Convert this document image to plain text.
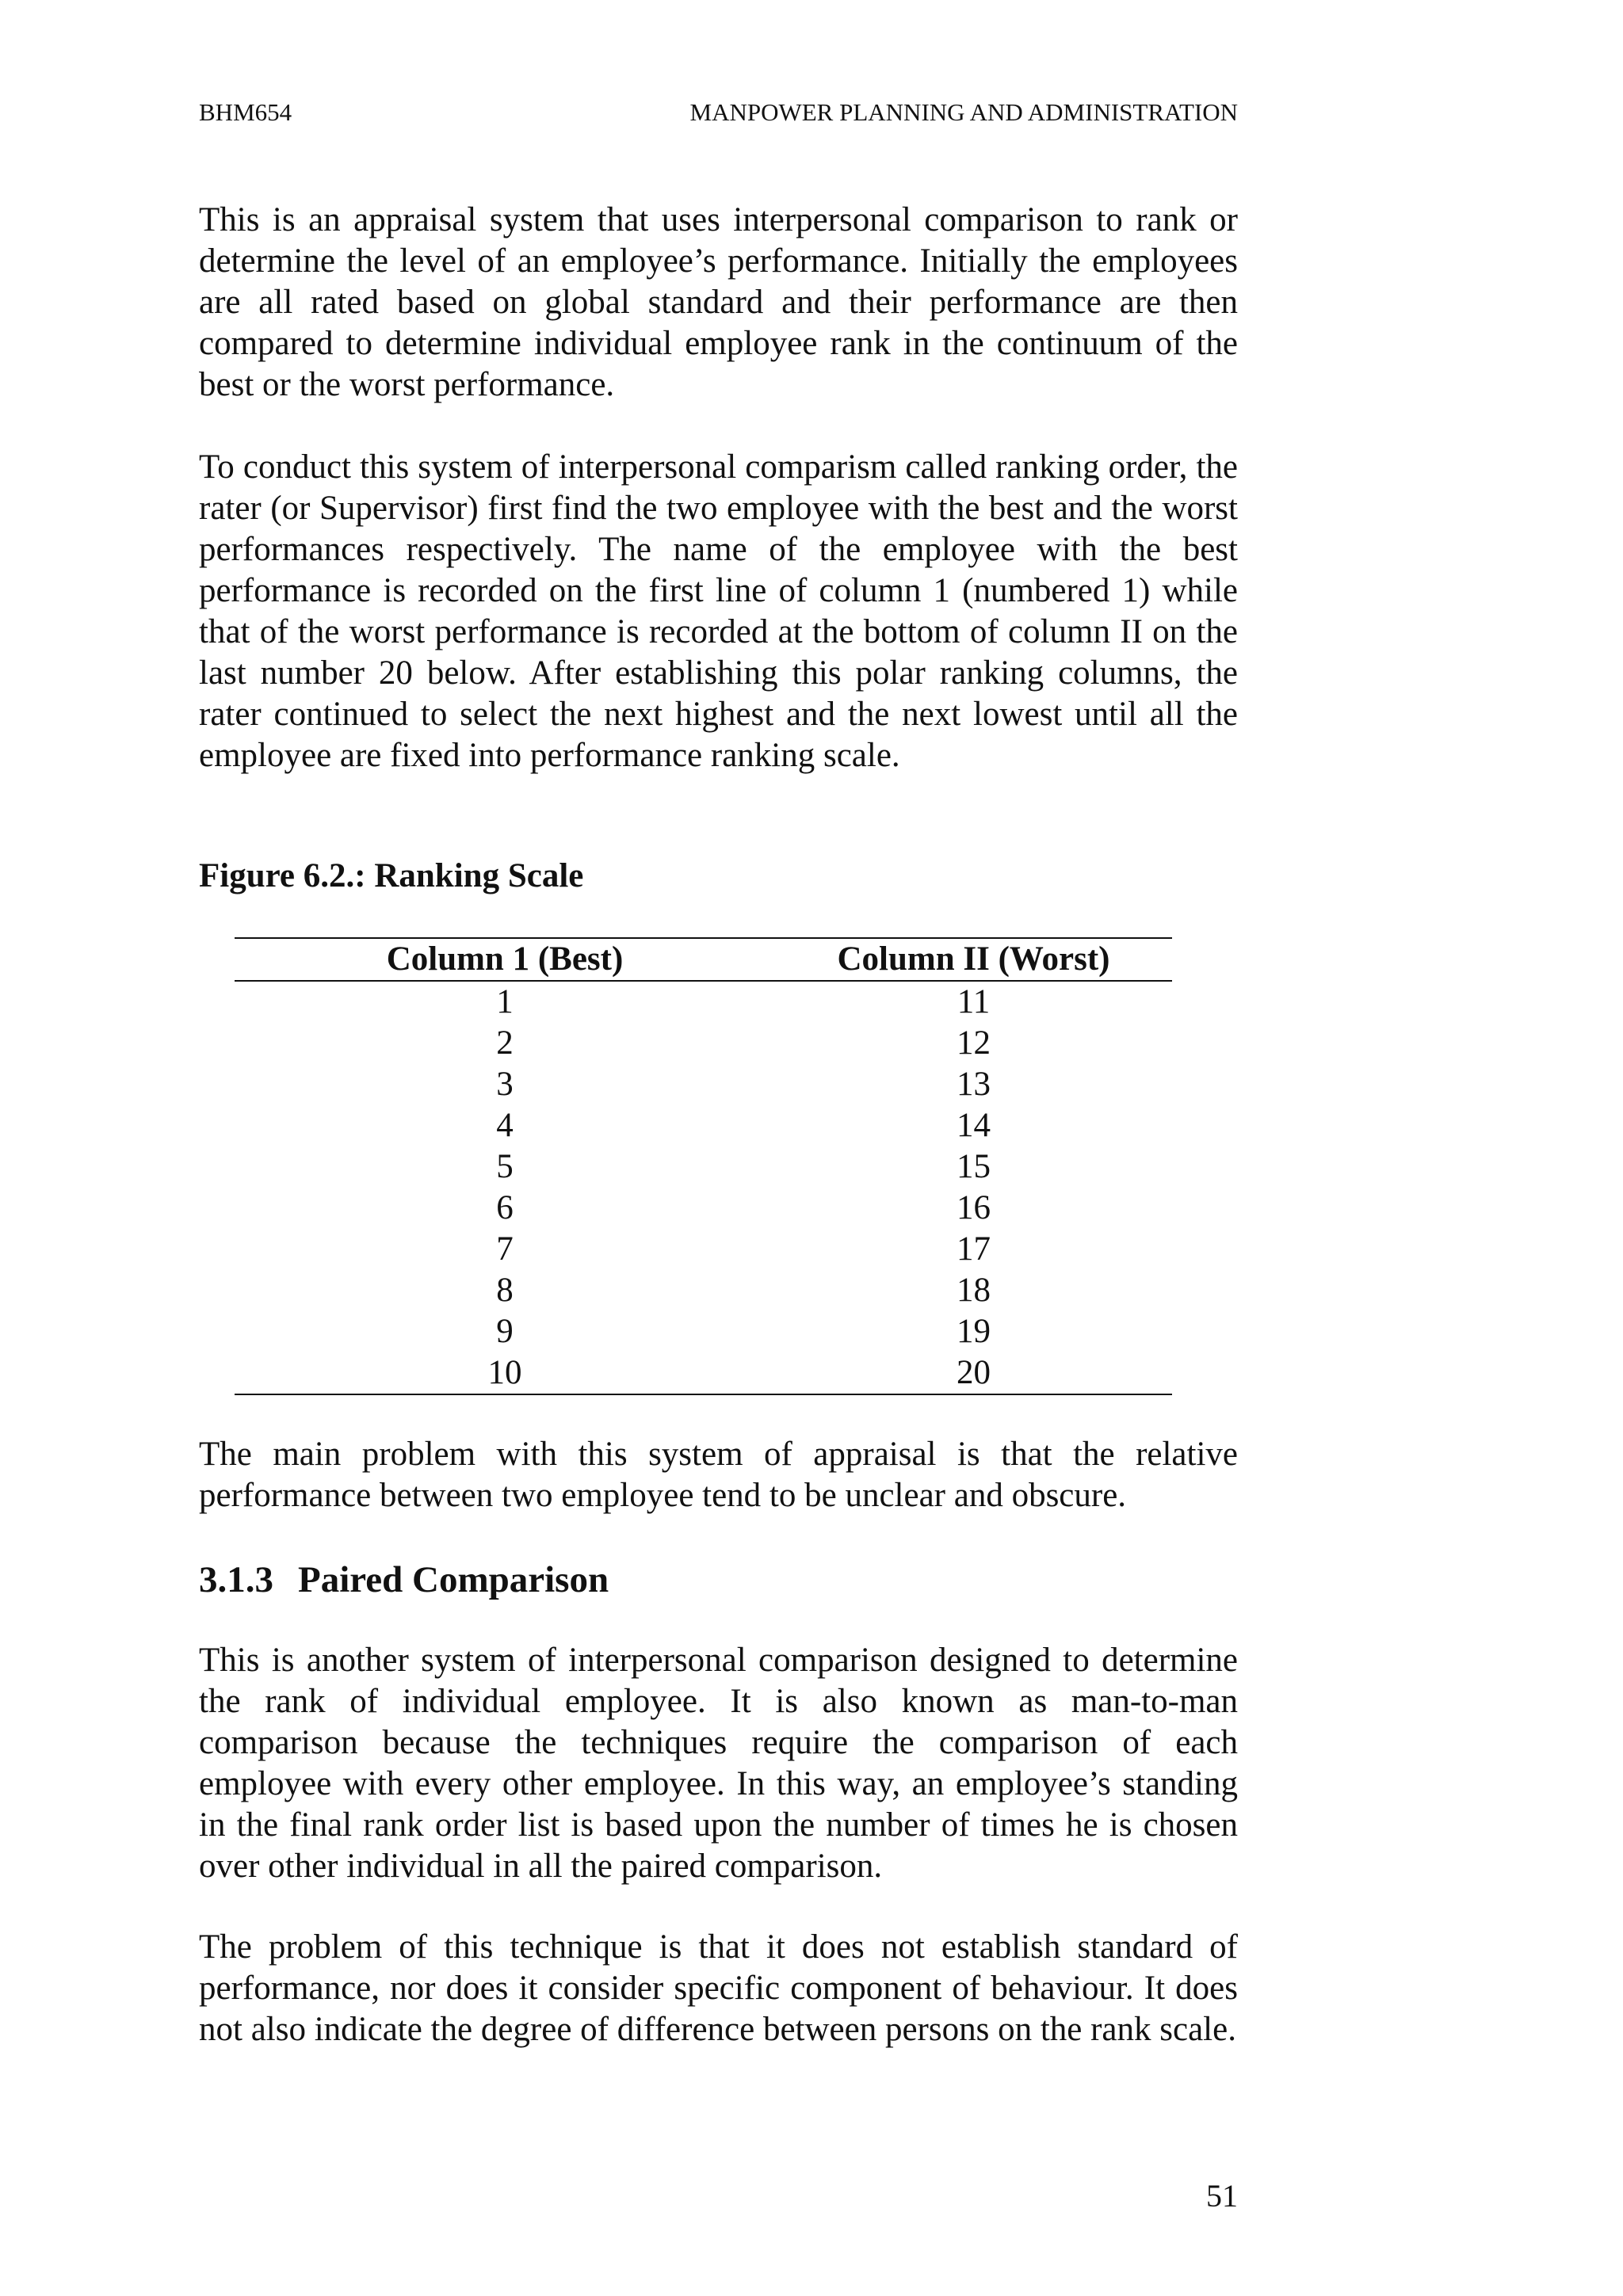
BHM654	MANPOWER PLANNING AND ADMINISTRATION

This is an appraisal system that uses interpersonal comparison to rank or determine the level of an employee’s performance. Initially the employees are all rated based on global standard and their performance are then compared to determine individual employee rank in the continuum of the best or the worst performance.

To conduct this system of interpersonal comparism called ranking order, the rater (or Supervisor) first find the two employee with the best and the worst performances respectively. The name of the employee with the best performance is recorded on the first line of column 1 (numbered 1) while that of the worst performance is recorded at the bottom of column II on the last number 20 below. After establishing this polar ranking columns, the rater continued to select the next highest and the next lowest until all the employee are fixed into performance ranking scale.

Figure 6.2.: Ranking Scale

Column 1 (Best)	Column II (Worst)
1	11
2	12
3	13
4	14
5	15
6	16
7	17
8	18
9	19
10	20

The main problem with this system of appraisal is that the relative performance between two employee tend to be unclear and obscure.

3.1.3 Paired Comparison

This is another system of interpersonal comparison designed to determine the rank of individual employee. It is also known as man-to-man comparison because the techniques require the comparison of each employee with every other employee. In this way, an employee’s standing in the final rank order list is based upon the number of times he is chosen over other individual in all the paired comparison.

The problem of this technique is that it does not establish standard of performance, nor does it consider specific component of behaviour. It does not also indicate the degree of difference between persons on the rank scale.

51
